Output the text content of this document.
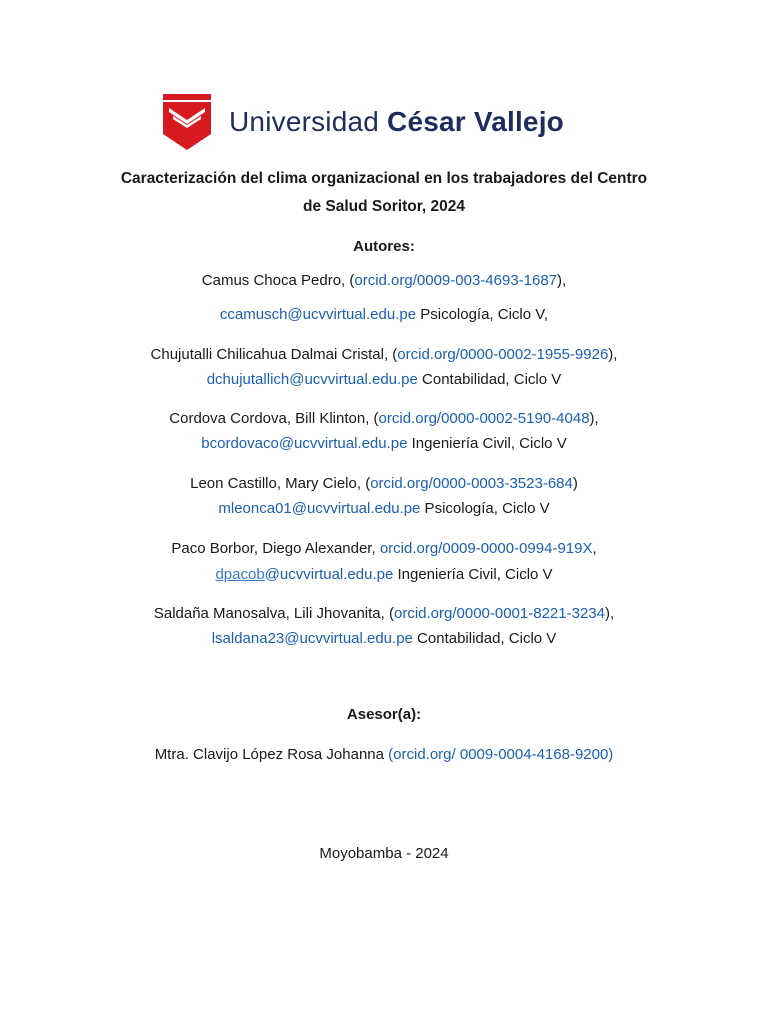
Universidad César Vallejo
Caracterización del clima organizacional en los trabajadores del Centro
de Salud Soritor, 2024
Autores:
Camus Choca Pedro, (orcid.org/0009-003-4693-1687),
ccamusch@ucvvirtual.edu.pe Psicología, Ciclo V,
Chujutalli Chilicahua Dalmai Cristal, (orcid.org/0000-0002-1955-9926),
dchujutallich@ucvvirtual.edu.pe Contabilidad, Ciclo V
Cordova Cordova, Bill Klinton, (orcid.org/0000-0002-5190-4048),
bcordovaco@ucvvirtual.edu.pe Ingeniería Civil, Ciclo V
Leon Castillo, Mary Cielo, (orcid.org/0000-0003-3523-684)
mleonca01@ucvvirtual.edu.pe Psicología, Ciclo V
Paco Borbor, Diego Alexander, orcid.org/0009-0000-0994-919X,
dpacob@ucvvirtual.edu.pe Ingeniería Civil, Ciclo V
Saldaña Manosalva, Lili Jhovanita, (orcid.org/0000-0001-8221-3234),
lsaldana23@ucvvirtual.edu.pe Contabilidad, Ciclo V
Asesor(a):
Mtra. Clavijo López Rosa Johanna (orcid.org/ 0009-0004-4168-9200)
Moyobamba - 2024
